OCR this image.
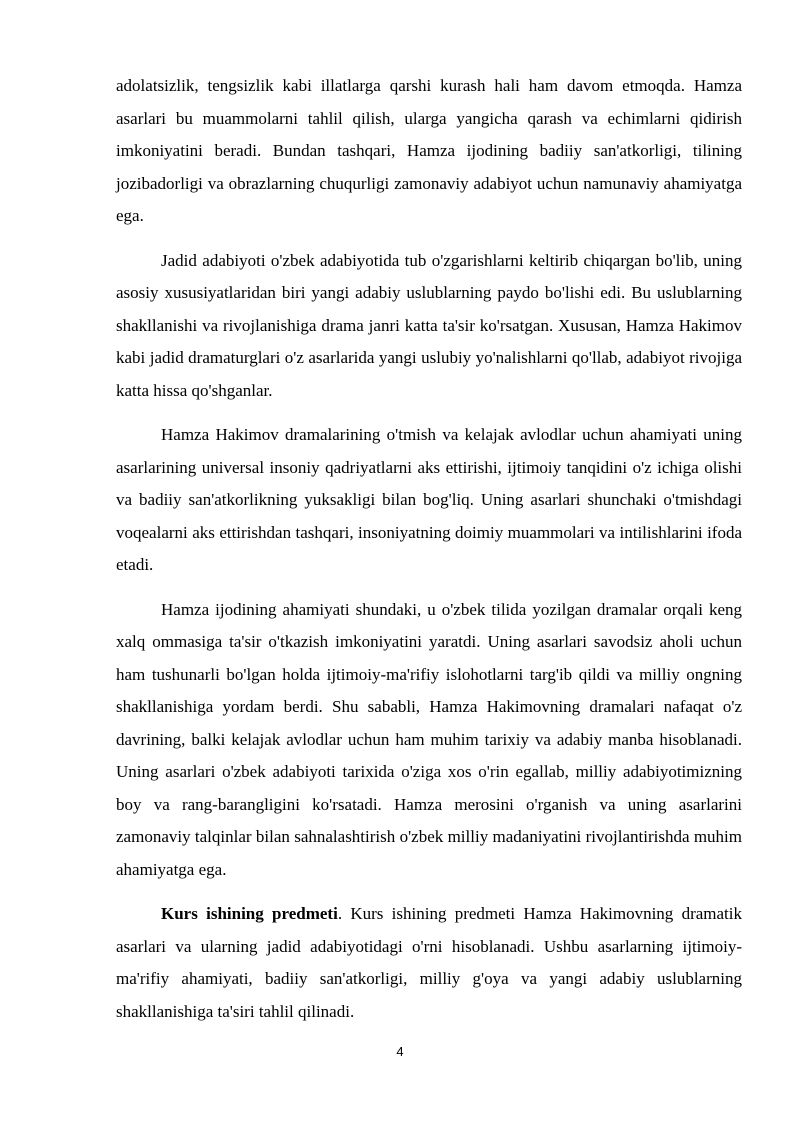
adolatsizlik, tengsizlik kabi illatlarga qarshi kurash hali ham davom etmoqda. Hamza asarlari bu muammolarni tahlil qilish, ularga yangicha qarash va echimlarni qidirish imkoniyatini beradi. Bundan tashqari, Hamza ijodining badiiy san'atkorligi, tilining jozibadorligi va obrazlarning chuqurligi zamonaviy adabiyot uchun namunaviy ahamiyatga ega.

Jadid adabiyoti o'zbek adabiyotida tub o'zgarishlarni keltirib chiqargan bo'lib, uning asosiy xususiyatlaridan biri yangi adabiy uslublarning paydo bo'lishi edi. Bu uslublarning shakllanishi va rivojlanishiga drama janri katta ta'sir ko'rsatgan. Xususan, Hamza Hakimov kabi jadid dramaturglari o'z asarlarida yangi uslubiy yo'nalishlarni qo'llab, adabiyot rivojiga katta hissa qo'shganlar.

Hamza Hakimov dramalarining o'tmish va kelajak avlodlar uchun ahamiyati uning asarlarining universal insoniy qadriyatlarni aks ettirishi, ijtimoiy tanqidini o'z ichiga olishi va badiiy san'atkorlikning yuksakligi bilan bog'liq. Uning asarlari shunchaki o'tmishdagi voqealarni aks ettirishdan tashqari, insoniyatning doimiy muammolari va intilishlarini ifoda etadi.

Hamza ijodining ahamiyati shundaki, u o'zbek tilida yozilgan dramalar orqali keng xalq ommasiga ta'sir o'tkazish imkoniyatini yaratdi. Uning asarlari savodsiz aholi uchun ham tushunarli bo'lgan holda ijtimoiy-ma'rifiy islohotlarni targ'ib qildi va milliy ongning shakllanishiga yordam berdi. Shu sababli, Hamza Hakimovning dramalari nafaqat o'z davrining, balki kelajak avlodlar uchun ham muhim tarixiy va adabiy manba hisoblanadi. Uning asarlari o'zbek adabiyoti tarixida o'ziga xos o'rin egallab, milliy adabiyotimizning boy va rang-barangligini ko'rsatadi. Hamza merosini o'rganish va uning asarlarini zamonaviy talqinlar bilan sahnalashtirish o'zbek milliy madaniyatini rivojlantirishda muhim ahamiyatga ega.

Kurs ishining predmeti. Kurs ishining predmeti Hamza Hakimovning dramatik asarlari va ularning jadid adabiyotidagi o'rni hisoblanadi. Ushbu asarlarning ijtimoiy-ma'rifiy ahamiyati, badiiy san'atkorligi, milliy g'oya va yangi adabiy uslublarning shakllanishiga ta'siri tahlil qilinadi.

4
